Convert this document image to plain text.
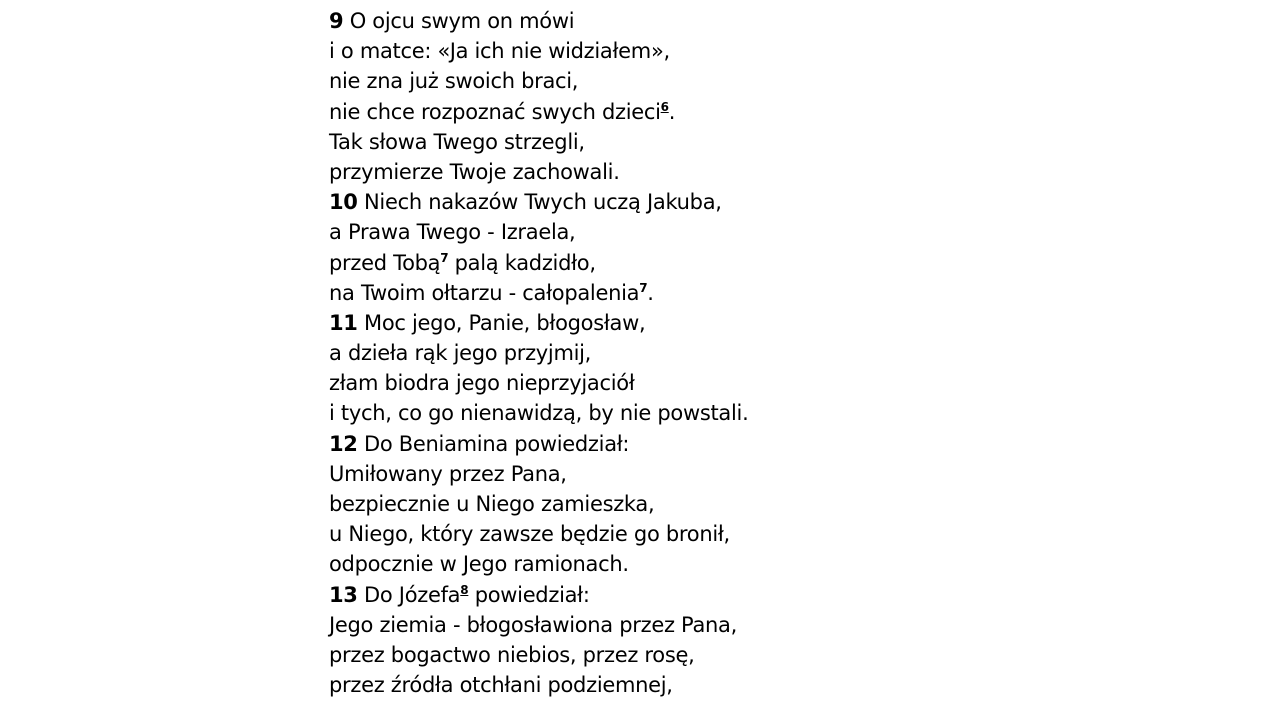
9 O ojcu swym on mówi
i o matce: «Ja ich nie widziałem»,
nie zna już swoich braci,
nie chce rozpoznać swych dzieci$^6$.
Tak słowa Twego strzegli,
przymierze Twoje zachowali.
10 Niech nakazów Twych uczą Jakuba,
a Prawa Twego - Izraela,
przed Tobą$^7$ palą kadzidło,
na Twoim ołtarzu - całopalenia$^7$.
11 Moc jego, Panie, błogosław,
a dzieła rąk jego przyjmij,
złam biodra jego nieprzyjaciół
i tych, co go nienawidzą, by nie powstali.
12 Do Beniamina powiedział:
Umiłowany przez Pana,
bezpiecznie u Niego zamieszka,
u Niego, który zawsze będzie go bronił,
odpocznie w Jego ramionach.
13 Do Józefa$^8$ powiedział:
Jego ziemia - błogosławiona przez Pana,
przez bogactwo niebios, przez rosę,
przez źródła otchłani podziemnej,
